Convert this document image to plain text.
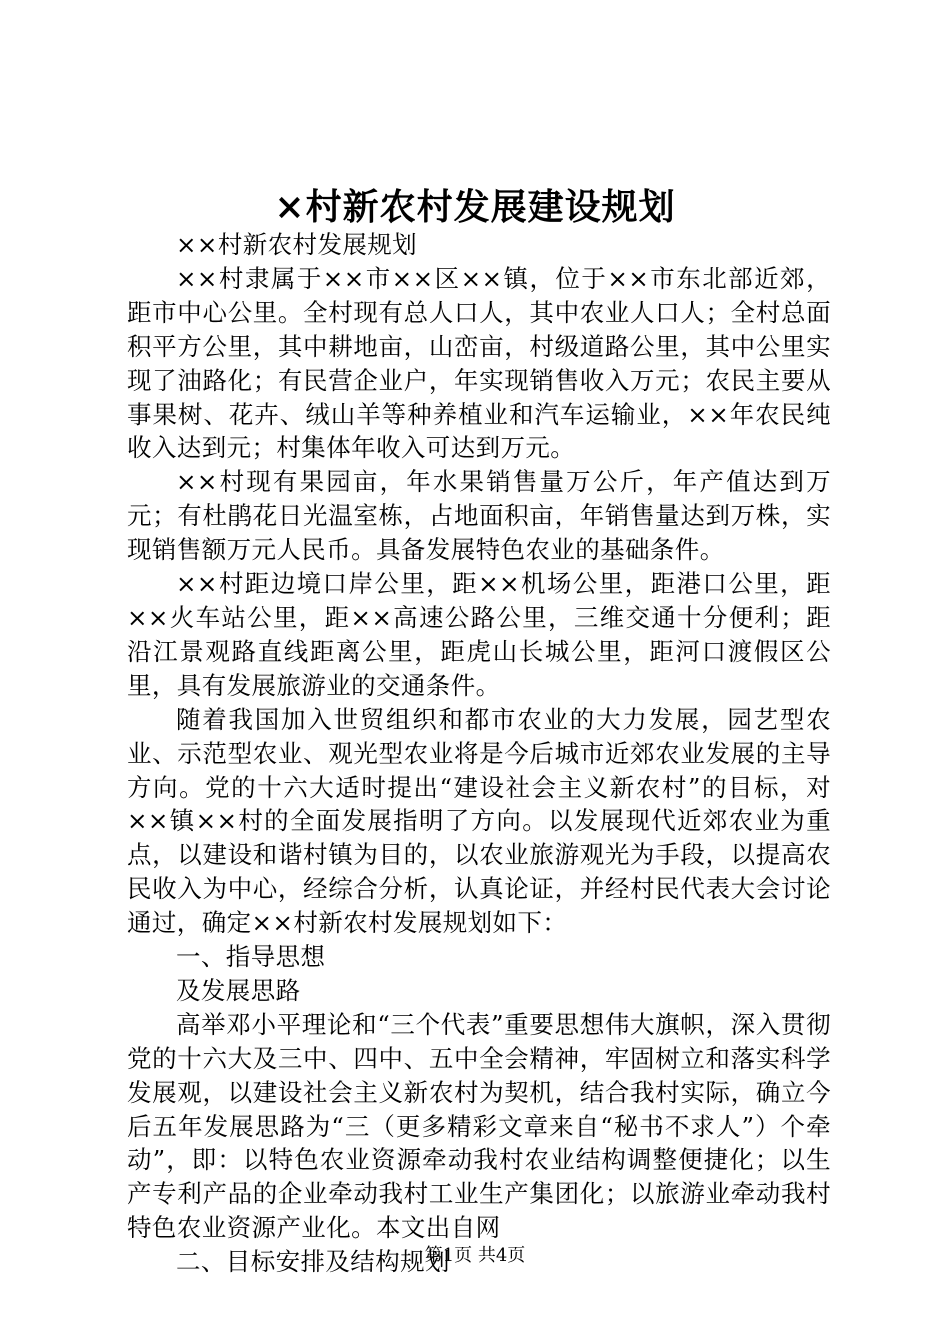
×村新农村发展建设规划

××村新农村发展规划

××村隶属于××市××区××镇，位于××市东北部近郊，距市中心公里。全村现有总人口人，其中农业人口人；全村总面积平方公里，其中耕地亩，山峦亩，村级道路公里，其中公里实现了油路化；有民营企业户，年实现销售收入万元；农民主要从事果树、花卉、绒山羊等种养植业和汽车运输业，××年农民纯收入达到元；村集体年收入可达到万元。

××村现有果园亩，年水果销售量万公斤，年产值达到万元；有杜鹃花日光温室栋，占地面积亩，年销售量达到万株，实现销售额万元人民币。具备发展特色农业的基础条件。

××村距边境口岸公里，距××机场公里，距港口公里，距××火车站公里，距××高速公路公里，三维交通十分便利；距沿江景观路直线距离公里，距虎山长城公里，距河口渡假区公里，具有发展旅游业的交通条件。

随着我国加入世贸组织和都市农业的大力发展，园艺型农业、示范型农业、观光型农业将是今后城市近郊农业发展的主导方向。党的十六大适时提出“建设社会主义新农村”的目标，对××镇××村的全面发展指明了方向。以发展现代近郊农业为重点，以建设和谐村镇为目的，以农业旅游观光为手段，以提高农民收入为中心，经综合分析，认真论证，并经村民代表大会讨论通过，确定××村新农村发展规划如下：

一、指导思想

及发展思路

高举邓小平理论和“三个代表”重要思想伟大旗帜，深入贯彻党的十六大及三中、四中、五中全会精神，牢固树立和落实科学发展观，以建设社会主义新农村为契机，结合我村实际，确立今后五年发展思路为“三（更多精彩文章来自“秘书不求人”）个牵动”，即：以特色农业资源牵动我村农业结构调整便捷化；以生产专利产品的企业牵动我村工业生产集团化；以旅游业牵动我村特色农业资源产业化。本文出自网

二、目标安排及结构规划

第1页 共4页
